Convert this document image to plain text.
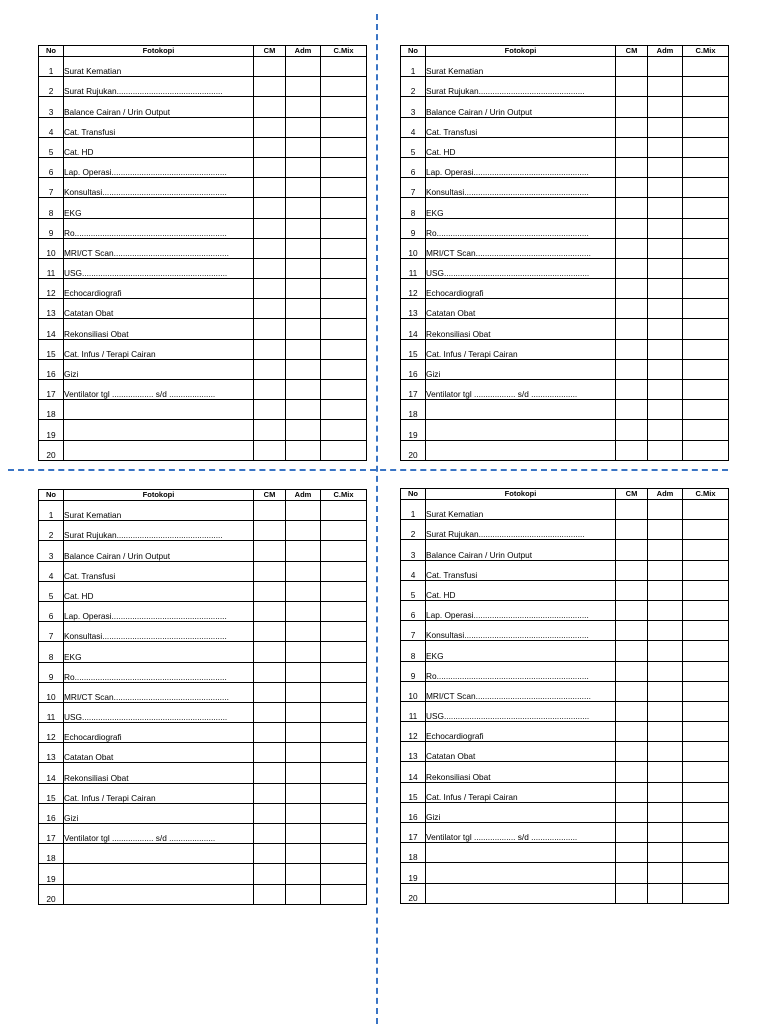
No	Fotokopi	CM	Adm	C.Mix
1	Surat Kematian			
2	Surat Rujukan..............................................			
3	Balance Cairan / Urin Output			
4	Cat. Transfusi			
5	Cat. HD			
6	Lap. Operasi..................................................			
7	Konsultasi......................................................			
8	EKG			
9	Ro..................................................................			
10	MRI/CT Scan..................................................			
11	USG...............................................................			
12	Echocardiografi			
13	Catatan Obat			
14	Rekonsiliasi Obat			
15	Cat. Infus / Terapi Cairan			
16	Gizi			
17	Ventilator tgl .................. s/d ....................			
18				
19				
20				
No	Fotokopi	CM	Adm	C.Mix
1	Surat Kematian			
2	Surat Rujukan..............................................			
3	Balance Cairan / Urin Output			
4	Cat. Transfusi			
5	Cat. HD			
6	Lap. Operasi..................................................			
7	Konsultasi......................................................			
8	EKG			
9	Ro..................................................................			
10	MRI/CT Scan..................................................			
11	USG...............................................................			
12	Echocardiografi			
13	Catatan Obat			
14	Rekonsiliasi Obat			
15	Cat. Infus / Terapi Cairan			
16	Gizi			
17	Ventilator tgl .................. s/d ....................			
18				
19				
20				
No	Fotokopi	CM	Adm	C.Mix
1	Surat Kematian			
2	Surat Rujukan..............................................			
3	Balance Cairan / Urin Output			
4	Cat. Transfusi			
5	Cat. HD			
6	Lap. Operasi..................................................			
7	Konsultasi......................................................			
8	EKG			
9	Ro..................................................................			
10	MRI/CT Scan..................................................			
11	USG...............................................................			
12	Echocardiografi			
13	Catatan Obat			
14	Rekonsiliasi Obat			
15	Cat. Infus / Terapi Cairan			
16	Gizi			
17	Ventilator tgl .................. s/d ....................			
18				
19				
20				
No	Fotokopi	CM	Adm	C.Mix
1	Surat Kematian			
2	Surat Rujukan..............................................			
3	Balance Cairan / Urin Output			
4	Cat. Transfusi			
5	Cat. HD			
6	Lap. Operasi..................................................			
7	Konsultasi......................................................			
8	EKG			
9	Ro..................................................................			
10	MRI/CT Scan..................................................			
11	USG...............................................................			
12	Echocardiografi			
13	Catatan Obat			
14	Rekonsiliasi Obat			
15	Cat. Infus / Terapi Cairan			
16	Gizi			
17	Ventilator tgl .................. s/d ....................			
18				
19				
20				
